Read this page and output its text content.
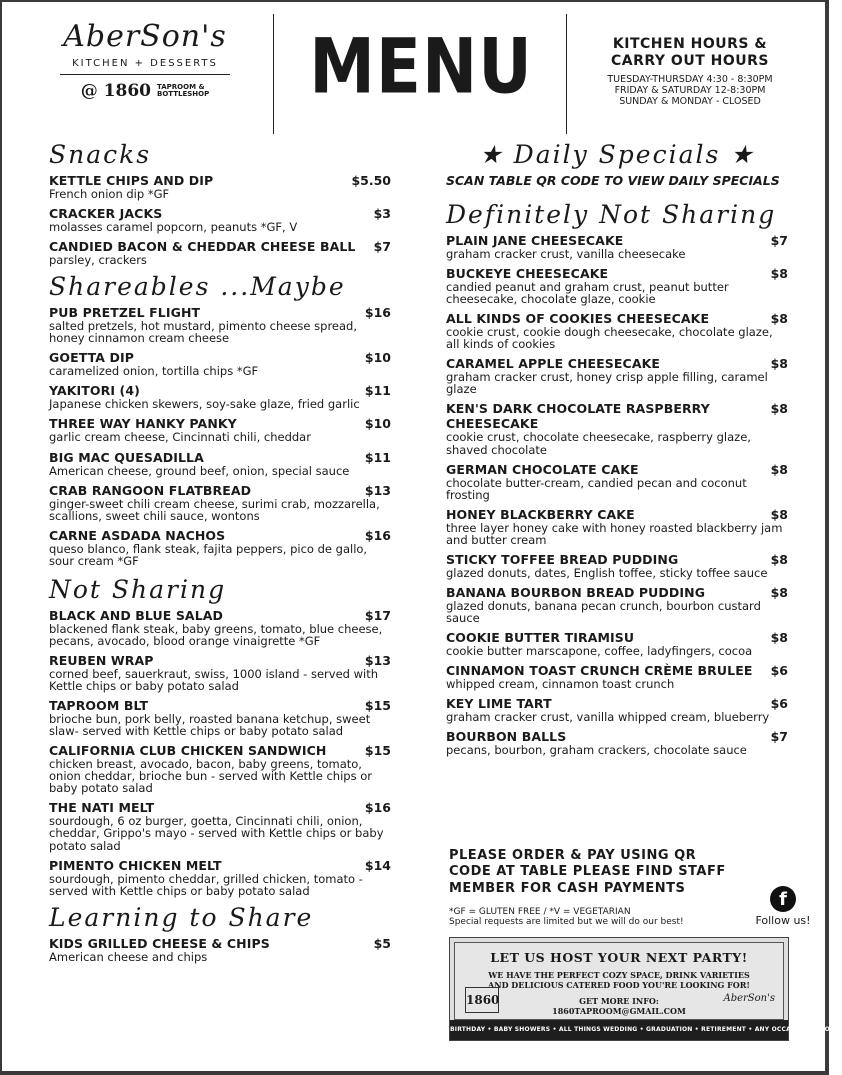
AberSon's
KITCHEN + DESSERTS
@ 1860 TAPROOM &
BOTTLESHOP MENU	KITCHEN HOURS &
CARRY OUT HOURS
TUESDAY-THURSDAY 4:30 - 8:30PM
FRIDAY & SATURDAY 12-8:30PM
SUNDAY & MONDAY - CLOSED
Snacks
KETTLE CHIPS AND DIP	$5.50
French onion dip *GF
CRACKER JACKS	$3
molasses caramel popcorn, peanuts *GF, V
CANDIED BACON & CHEDDAR CHEESE BALL $7
parsley, crackers
Shareables ...Maybe
PUB PRETZEL FLIGHT	$16
salted pretzels, hot mustard, pimento cheese spread, honey cinnamon cream cheese
GOETTA DIP	$10
caramelized onion, tortilla chips *GF
YAKITORI (4)	$11
Japanese chicken skewers, soy-sake glaze, fried garlic
THREE WAY HANKY PANKY	$10
garlic cream cheese, Cincinnati chili, cheddar
BIG MAC QUESADILLA	$11
American cheese, ground beef, onion, special sauce
CRAB RANGOON FLATBREAD	$13
ginger-sweet chili cream cheese, surimi crab, mozzarella, scallions, sweet chili sauce, wontons
CARNE ASDADA NACHOS	$16
queso blanco, flank steak, fajita peppers, pico de gallo, sour cream *GF
Not Sharing
BLACK AND BLUE SALAD	$17
blackened flank steak, baby greens, tomato, blue cheese, pecans, avocado, blood orange vinaigrette *GF
REUBEN WRAP	$13
corned beef, sauerkraut, swiss, 1000 island - served with Kettle chips or baby potato salad
TAPROOM BLT	$15
brioche bun, pork belly, roasted banana ketchup, sweet slaw- served with Kettle chips or baby potato salad
CALIFORNIA CLUB CHICKEN SANDWICH	$15
chicken breast, avocado, bacon, baby greens, tomato, onion cheddar, brioche bun - served with Kettle chips or baby potato salad
THE NATI MELT	$16
sourdough, 6 oz burger, goetta, Cincinnati chili, onion, cheddar, Grippo's mayo - served with Kettle chips or baby potato salad
PIMENTO CHICKEN MELT	$14
sourdough, pimento cheddar, grilled chicken, tomato - served with Kettle chips or baby potato salad
Learning to Share
KIDS GRILLED CHEESE & CHIPS	$5
American cheese and chips
★ Daily Specials ★
SCAN TABLE QR CODE TO VIEW DAILY SPECIALS
Definitely Not Sharing
PLAIN JANE CHEESECAKE	$7
graham cracker crust, vanilla cheesecake
BUCKEYE CHEESECAKE	$8
candied peanut and graham crust, peanut butter cheesecake, chocolate glaze, cookie
ALL KINDS OF COOKIES CHEESECAKE	$8
cookie crust, cookie dough cheesecake, chocolate glaze, all kinds of cookies
CARAMEL APPLE CHEESECAKE	$8
graham cracker crust, honey crisp apple filling, caramel glaze
KEN'S DARK CHOCOLATE RASPBERRY CHEESECAKE
$8
cookie crust, chocolate cheesecake, raspberry glaze, shaved chocolate
GERMAN CHOCOLATE CAKE	$8
chocolate butter-cream, candied pecan and coconut frosting
HONEY BLACKBERRY CAKE	$8
three layer honey cake with honey roasted blackberry jam and butter cream
STICKY TOFFEE BREAD PUDDING	$8
glazed donuts, dates, English toffee, sticky toffee sauce
BANANA BOURBON BREAD PUDDING	$8
glazed donuts, banana pecan crunch, bourbon custard sauce
COOKIE BUTTER TIRAMISU	$8
cookie butter marscapone, coffee, ladyfingers, cocoa
CINNAMON TOAST CRUNCH CRÈME BRULEE $6
whipped cream, cinnamon toast crunch
KEY LIME TART	$6
graham cracker crust, vanilla whipped cream, blueberry
BOURBON BALLS	$7
pecans, bourbon, graham crackers, chocolate sauce
PLEASE ORDER & PAY USING QR
CODE AT TABLE PLEASE FIND STAFF
MEMBER FOR CASH PAYMENTS
*GF = GLUTEN FREE / *V = VEGETARIAN
Special requests are limited but we will do our best!
f
Follow us!
LET US HOST YOUR NEXT PARTY!
WE HAVE THE PERFECT COZY SPACE, DRINK VARIETIES
AND DELICIOUS CATERED FOOD YOU'RE LOOKING FOR!
1860	GET MORE INFO:
1860TAPROOM@GMAIL.COM
AberSon's
BIRTHDAY • BABY SHOWERS • ALL THINGS WEDDING • GRADUATION • RETIREMENT • ANY OCCASION & MORE!
